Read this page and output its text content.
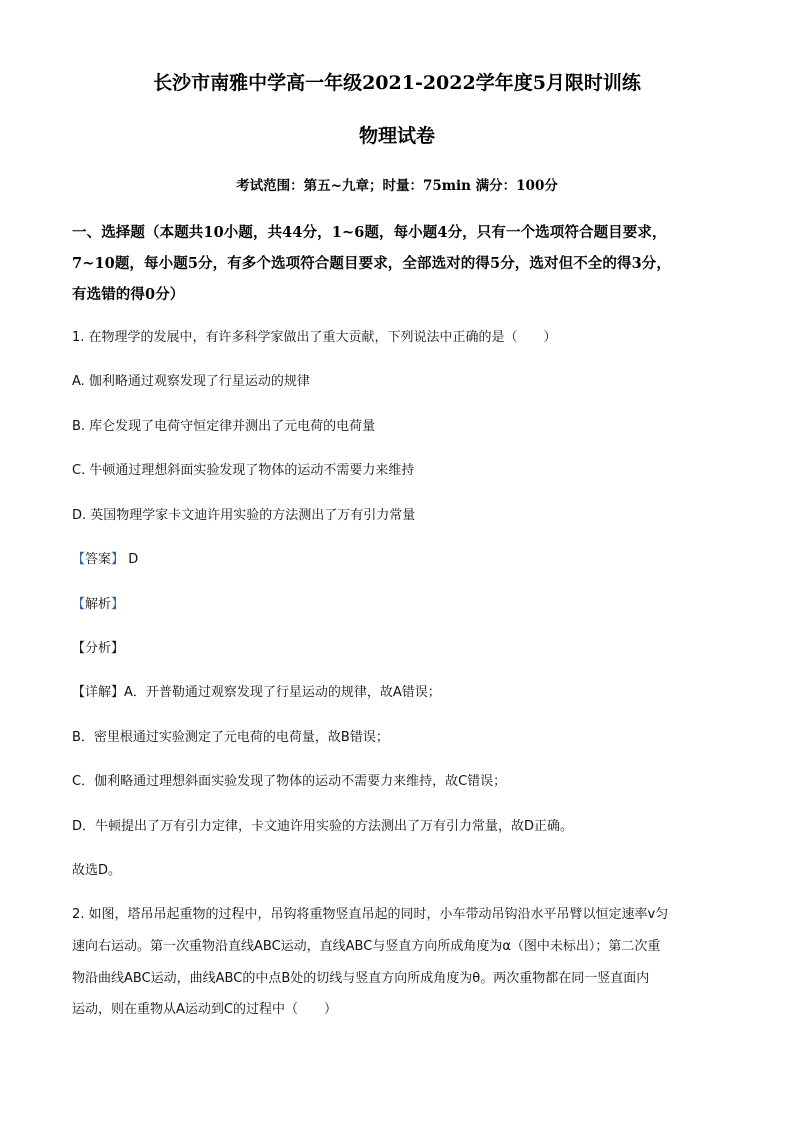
长沙市南雅中学高一年级2021-2022学年度5月限时训练
物理试卷
考试范围：第五~九章；时量：75min 满分：100分
一、选择题（本题共10小题，共44分，1~6题，每小题4分，只有一个选项符合题目要求，
7~10题，每小题5分，有多个选项符合题目要求，全部选对的得5分，选对但不全的得3分，
有选错的得0分）
1. 在物理学的发展中，有许多科学家做出了重大贡献，下列说法中正确的是（　　）
A. 伽利略通过观察发现了行星运动的规律
B. 库仑发现了电荷守恒定律并测出了元电荷的电荷量
C. 牛顿通过理想斜面实验发现了物体的运动不需要力来维持
D. 英国物理学家卡文迪许用实验的方法测出了万有引力常量
【答案】 D
【解析】
【分析】
【详解】A．开普勒通过观察发现了行星运动的规律，故A错误；
B．密里根通过实验测定了元电荷的电荷量，故B错误；
C．伽利略通过理想斜面实验发现了物体的运动不需要力来维持，故C错误；
D．牛顿提出了万有引力定律，卡文迪许用实验的方法测出了万有引力常量，故D正确。
故选D。
2. 如图，塔吊吊起重物的过程中，吊钩将重物竖直吊起的同时，小车带动吊钩沿水平吊臂以恒定速率v匀
速向右运动。第一次重物沿直线ABC运动，直线ABC与竖直方向所成角度为α（图中未标出）；第二次重
物沿曲线ABC运动，曲线ABC的中点B处的切线与竖直方向所成角度为θ。两次重物都在同一竖直面内
运动，则在重物从A运动到C的过程中（　　）
